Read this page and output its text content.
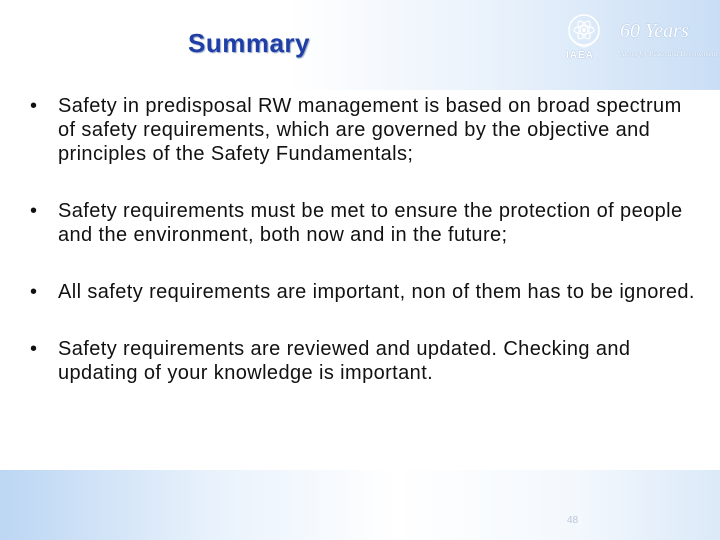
Summary	IAEA
60 Years
Atoms for Peace and Development
•	Safety in predisposal RW management is based on broad spectrum of safety requirements, which are governed by the objective and principles of the Safety Fundamentals;
•	Safety requirements must be met to ensure the protection of people and the environment, both now and in the future;
•	All safety requirements are important, non of them has to be ignored.
•	Safety requirements are reviewed and updated. Checking and updating of your knowledge is important.
48
